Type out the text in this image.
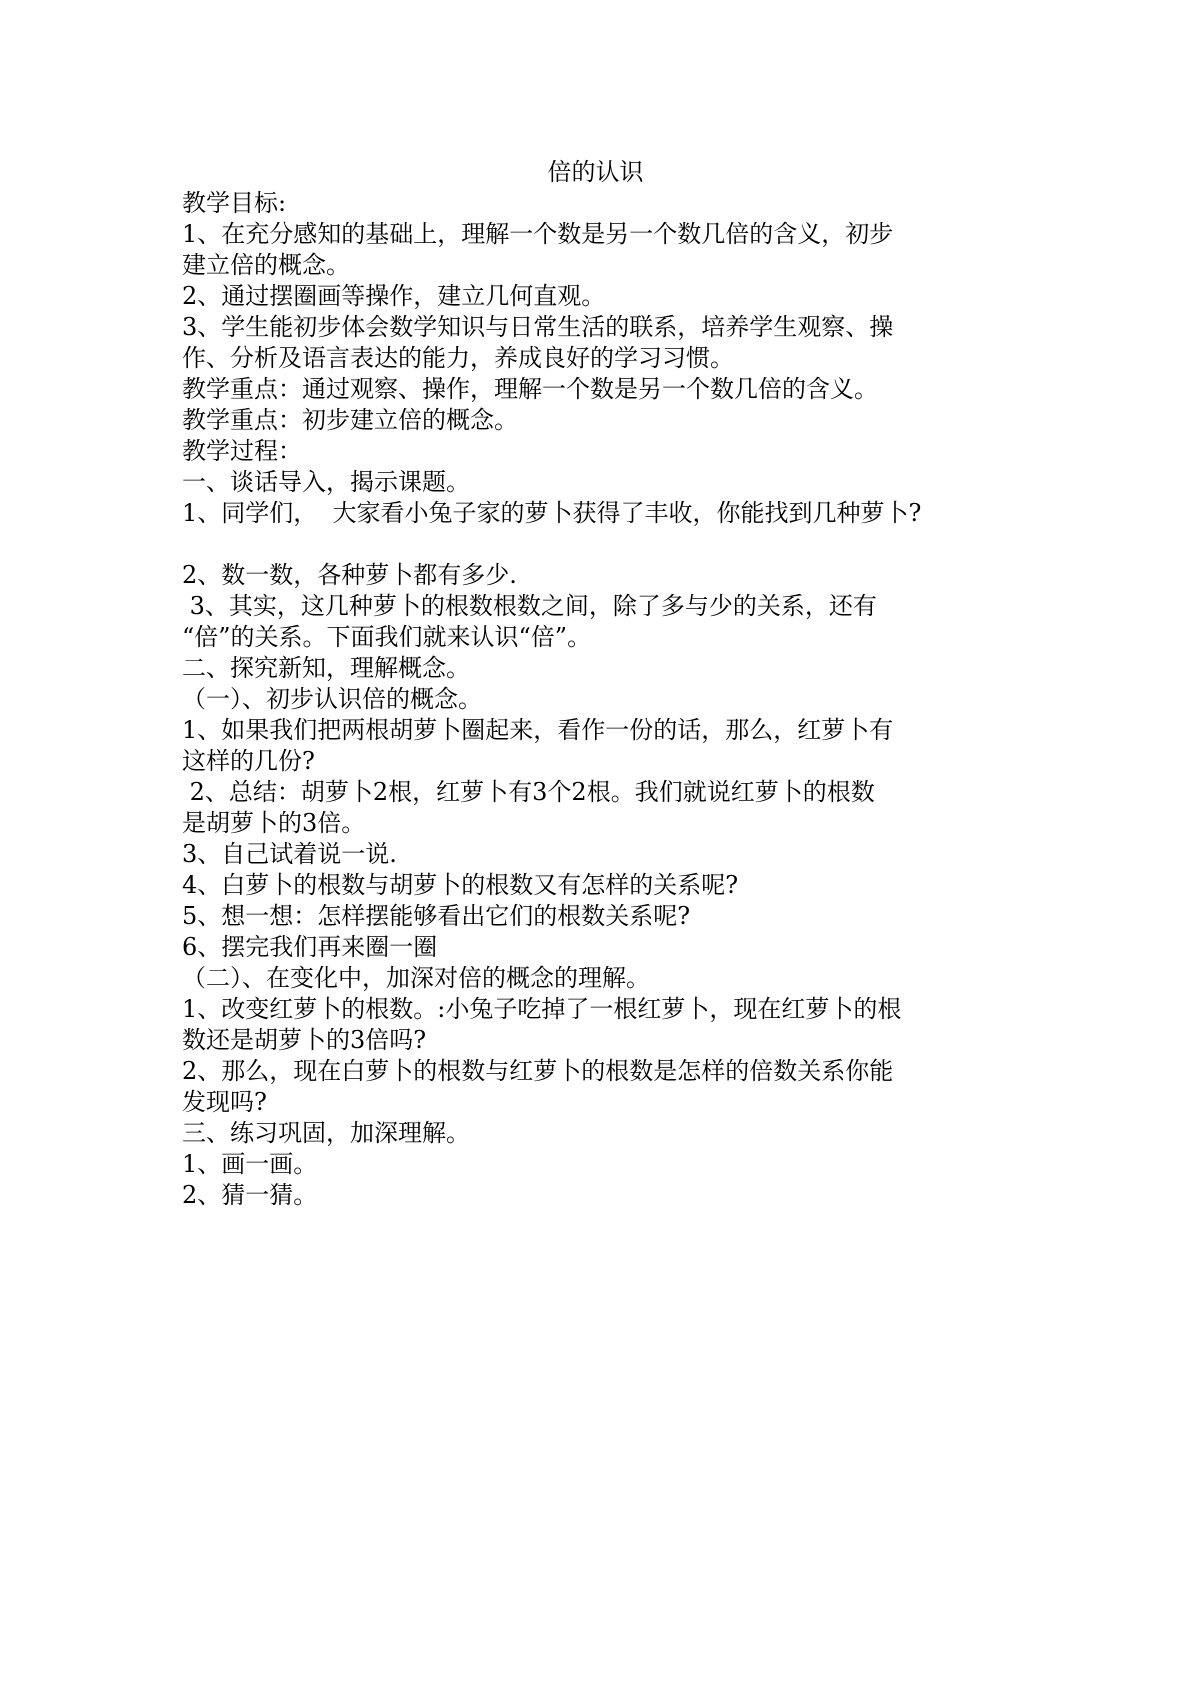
倍的认识
教学目标:
1、在充分感知的基础上，理解一个数是另一个数几倍的含义，初步
建立倍的概念。
2、通过摆圈画等操作，建立几何直观。
3、学生能初步体会数学知识与日常生活的联系，培养学生观察、操
作、分析及语言表达的能力，养成良好的学习习惯。
教学重点：通过观察、操作，理解一个数是另一个数几倍的含义。
教学重点：初步建立倍的概念。
教学过程：
一、谈话导入，揭示课题。
1、同学们，  大家看小兔子家的萝卜获得了丰收，你能找到几种萝卜?
2、数一数，各种萝卜都有多少.
3、其实，这几种萝卜的根数根数之间，除了多与少的关系，还有
“倍”的关系。下面我们就来认识“倍”。
二、探究新知，理解概念。
（一）、初步认识倍的概念。
1、如果我们把两根胡萝卜圈起来，看作一份的话，那么，红萝卜有
这样的几份?
2、总结：胡萝卜2根，红萝卜有3个2根。我们就说红萝卜的根数
是胡萝卜的3倍。
3、自己试着说一说.
4、白萝卜的根数与胡萝卜的根数又有怎样的关系呢?
5、想一想：怎样摆能够看出它们的根数关系呢?
6、摆完我们再来圈一圈
（二）、在变化中，加深对倍的概念的理解。
1、改变红萝卜的根数。:小兔子吃掉了一根红萝卜，现在红萝卜的根
数还是胡萝卜的3倍吗?
2、那么，现在白萝卜的根数与红萝卜的根数是怎样的倍数关系你能
发现吗?
三、练习巩固，加深理解。
1、画一画。
2、猜一猜。
